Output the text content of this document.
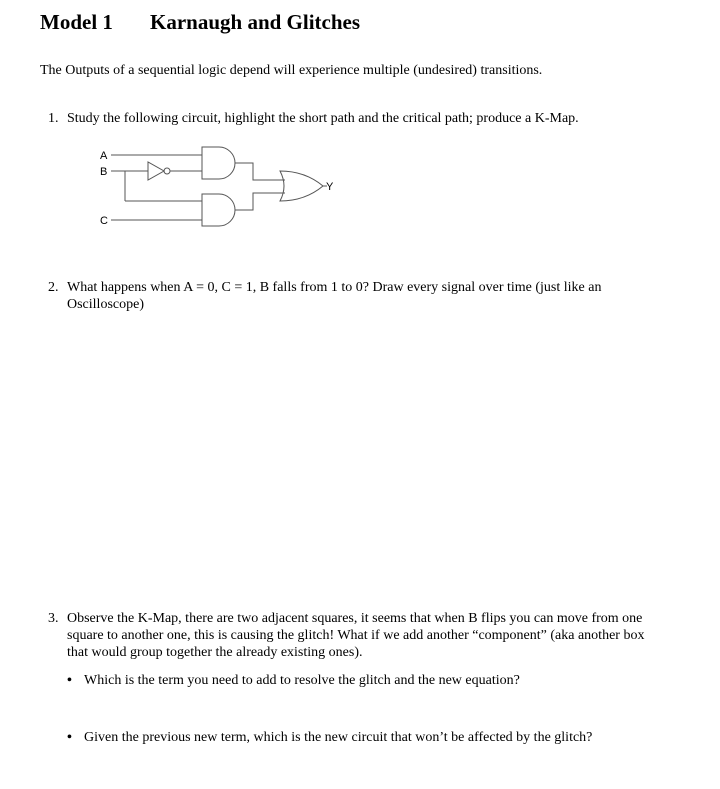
Model 1 Karnaugh and Glitches
The Outputs of a sequential logic depend will experience multiple (undesired) transitions.
1. Study the following circuit, highlight the short path and the critical path; produce a K-Map.
A
B
C
Y
2. What happens when A = 0, C = 1, B falls from 1 to 0? Draw every signal over time (just like an Oscilloscope)
3. Observe the K-Map, there are two adjacent squares, it seems that when B flips you can move from one square to another one, this is causing the glitch! What if we add another “component” (aka another box that would group together the already existing ones).
• Which is the term you need to add to resolve the glitch and the new equation?
• Given the previous new term, which is the new circuit that won’t be affected by the glitch?
